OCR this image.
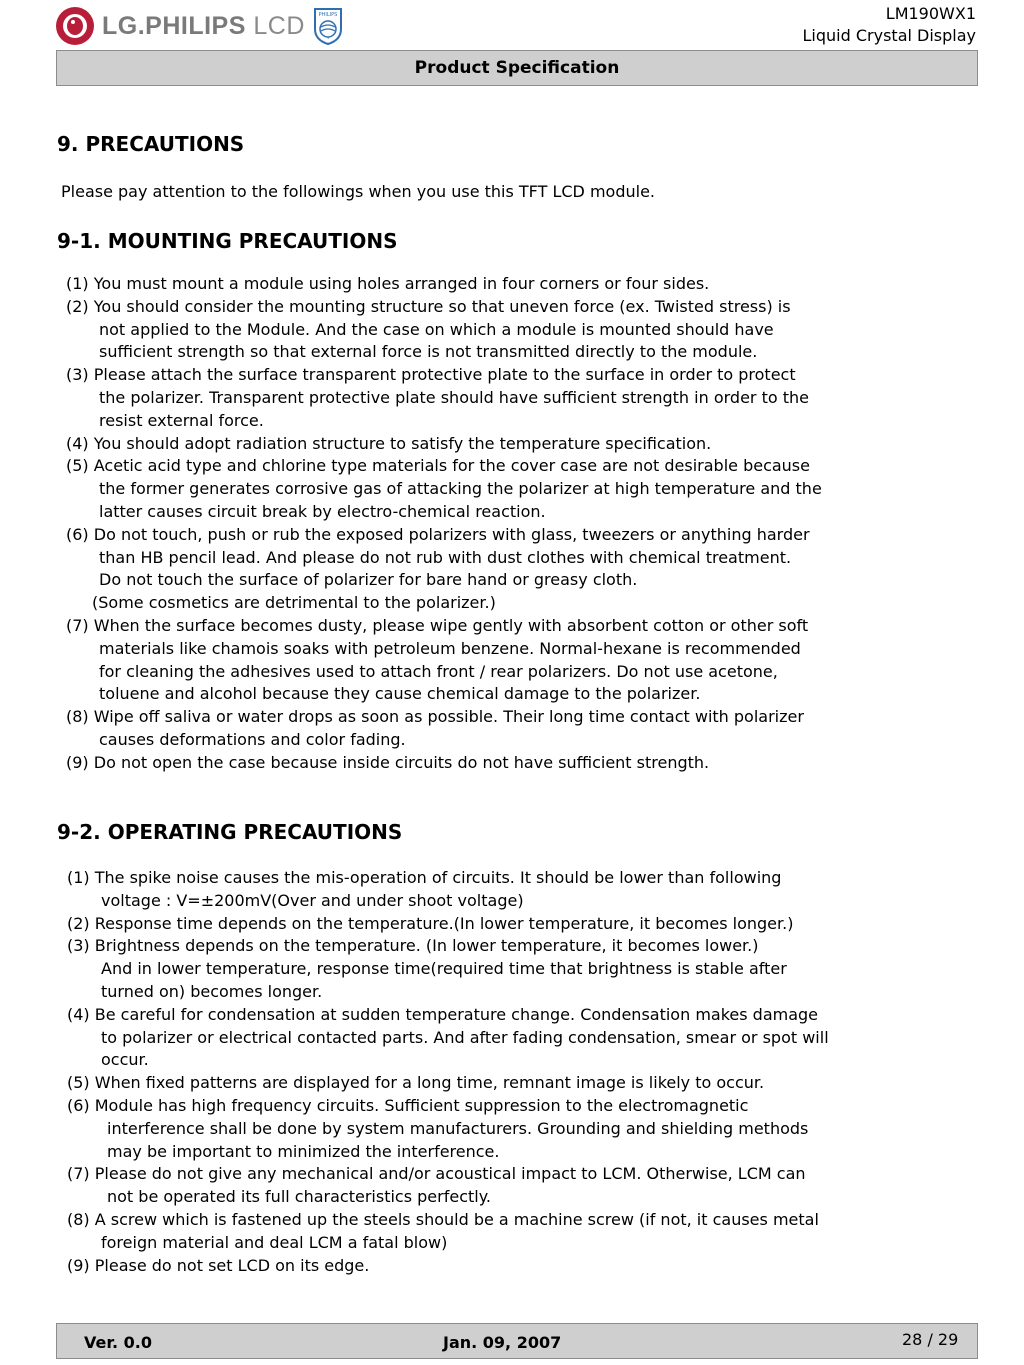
LG.PHILIPS LCD	PHILIPS	LM190WX1
Liquid Crystal Display
Product Specification
9. PRECAUTIONS
Please pay attention to the followings when you use this TFT LCD module.
9-1. MOUNTING PRECAUTIONS
(1) You must mount a module using holes arranged in four corners or four sides.
(2) You should consider the mounting structure so that uneven force (ex. Twisted stress) is
not applied to the Module. And the case on which a module is mounted should have
sufficient strength so that external force is not transmitted directly to the module.
(3) Please attach the surface transparent protective plate to the surface in order to protect
the polarizer. Transparent protective plate should have sufficient strength in order to the
resist external force.
(4) You should adopt radiation structure to satisfy the temperature specification.
(5) Acetic acid type and chlorine type materials for the cover case are not desirable because
the former generates corrosive gas of attacking the polarizer at high temperature and the
latter causes circuit break by electro-chemical reaction.
(6) Do not touch, push or rub the exposed polarizers with glass, tweezers or anything harder
than HB pencil lead. And please do not rub with dust clothes with chemical treatment.
Do not touch the surface of polarizer for bare hand or greasy cloth.
(Some cosmetics are detrimental to the polarizer.)
(7) When the surface becomes dusty, please wipe gently with absorbent cotton or other soft
materials like chamois soaks with petroleum benzene. Normal-hexane is recommended
for cleaning the adhesives used to attach front / rear polarizers. Do not use acetone,
toluene and alcohol because they cause chemical damage to the polarizer.
(8) Wipe off saliva or water drops as soon as possible. Their long time contact with polarizer
causes deformations and color fading.
(9) Do not open the case because inside circuits do not have sufficient strength.
9-2. OPERATING PRECAUTIONS
(1) The spike noise causes the mis-operation of circuits. It should be lower than following
voltage : V=±200mV(Over and under shoot voltage)
(2) Response time depends on the temperature.(In lower temperature, it becomes longer.)
(3) Brightness depends on the temperature. (In lower temperature, it becomes lower.)
And in lower temperature, response time(required time that brightness is stable after
turned on) becomes longer.
(4) Be careful for condensation at sudden temperature change. Condensation makes damage
to polarizer or electrical contacted parts. And after fading condensation, smear or spot will
occur.
(5) When fixed patterns are displayed for a long time, remnant image is likely to occur.
(6) Module has high frequency circuits. Sufficient suppression to the electromagnetic
interference shall be done by system manufacturers. Grounding and shielding methods
may be important to minimized the interference.
(7) Please do not give any mechanical and/or acoustical impact to LCM. Otherwise, LCM can
not be operated its full characteristics perfectly.
(8) A screw which is fastened up the steels should be a machine screw (if not, it causes metal
foreign material and deal LCM a fatal blow)
(9) Please do not set LCD on its edge.
Ver. 0.0	Jan. 09, 2007	28 / 29
